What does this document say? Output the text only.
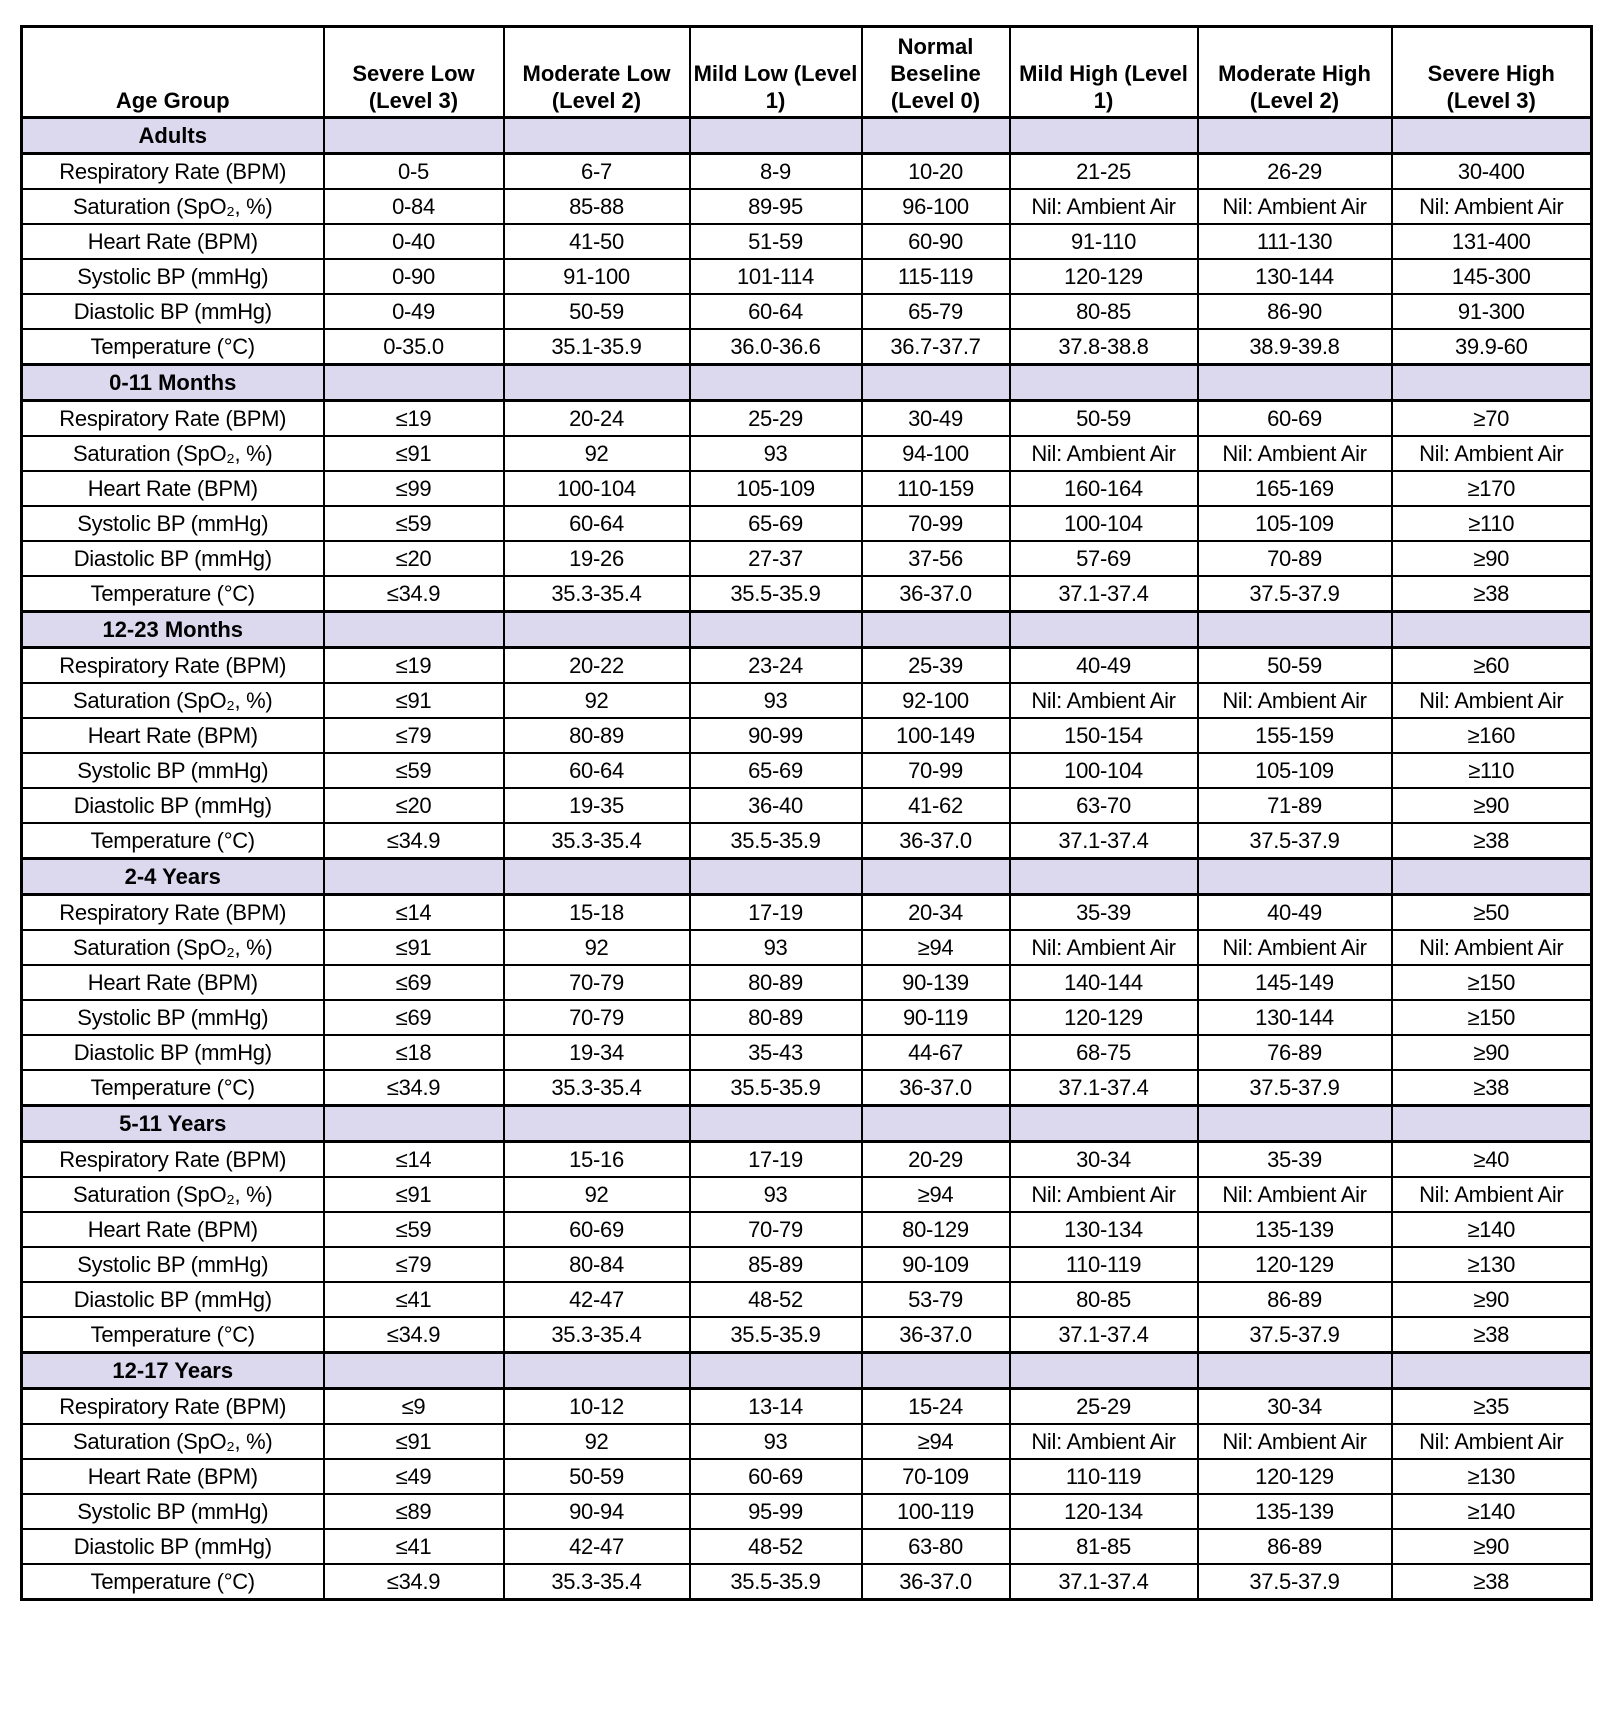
Age Group	Severe Low (Level 3)	Moderate Low (Level 2)	Mild Low (Level 1)	Normal Beseline (Level 0)	Mild High (Level 1)	Moderate High (Level 2)	Severe High (Level 3)
Adults							
Respiratory Rate (BPM)	0-5	6-7	8-9	10-20	21-25	26-29	30-400
Saturation (SpO₂, %)	0-84	85-88	89-95	96-100	Nil: Ambient Air	Nil: Ambient Air	Nil: Ambient Air
Heart Rate (BPM)	0-40	41-50	51-59	60-90	91-110	111-130	131-400
Systolic BP (mmHg)	0-90	91-100	101-114	115-119	120-129	130-144	145-300
Diastolic BP (mmHg)	0-49	50-59	60-64	65-79	80-85	86-90	91-300
Temperature (°C)	0-35.0	35.1-35.9	36.0-36.6	36.7-37.7	37.8-38.8	38.9-39.8	39.9-60
0-11 Months							
Respiratory Rate (BPM)	≤19	20-24	25-29	30-49	50-59	60-69	≥70
Saturation (SpO₂, %)	≤91	92	93	94-100	Nil: Ambient Air	Nil: Ambient Air	Nil: Ambient Air
Heart Rate (BPM)	≤99	100-104	105-109	110-159	160-164	165-169	≥170
Systolic BP (mmHg)	≤59	60-64	65-69	70-99	100-104	105-109	≥110
Diastolic BP (mmHg)	≤20	19-26	27-37	37-56	57-69	70-89	≥90
Temperature (°C)	≤34.9	35.3-35.4	35.5-35.9	36-37.0	37.1-37.4	37.5-37.9	≥38
12-23 Months							
Respiratory Rate (BPM)	≤19	20-22	23-24	25-39	40-49	50-59	≥60
Saturation (SpO₂, %)	≤91	92	93	92-100	Nil: Ambient Air	Nil: Ambient Air	Nil: Ambient Air
Heart Rate (BPM)	≤79	80-89	90-99	100-149	150-154	155-159	≥160
Systolic BP (mmHg)	≤59	60-64	65-69	70-99	100-104	105-109	≥110
Diastolic BP (mmHg)	≤20	19-35	36-40	41-62	63-70	71-89	≥90
Temperature (°C)	≤34.9	35.3-35.4	35.5-35.9	36-37.0	37.1-37.4	37.5-37.9	≥38
2-4 Years							
Respiratory Rate (BPM)	≤14	15-18	17-19	20-34	35-39	40-49	≥50
Saturation (SpO₂, %)	≤91	92	93	≥94	Nil: Ambient Air	Nil: Ambient Air	Nil: Ambient Air
Heart Rate (BPM)	≤69	70-79	80-89	90-139	140-144	145-149	≥150
Systolic BP (mmHg)	≤69	70-79	80-89	90-119	120-129	130-144	≥150
Diastolic BP (mmHg)	≤18	19-34	35-43	44-67	68-75	76-89	≥90
Temperature (°C)	≤34.9	35.3-35.4	35.5-35.9	36-37.0	37.1-37.4	37.5-37.9	≥38
5-11 Years							
Respiratory Rate (BPM)	≤14	15-16	17-19	20-29	30-34	35-39	≥40
Saturation (SpO₂, %)	≤91	92	93	≥94	Nil: Ambient Air	Nil: Ambient Air	Nil: Ambient Air
Heart Rate (BPM)	≤59	60-69	70-79	80-129	130-134	135-139	≥140
Systolic BP (mmHg)	≤79	80-84	85-89	90-109	110-119	120-129	≥130
Diastolic BP (mmHg)	≤41	42-47	48-52	53-79	80-85	86-89	≥90
Temperature (°C)	≤34.9	35.3-35.4	35.5-35.9	36-37.0	37.1-37.4	37.5-37.9	≥38
12-17 Years							
Respiratory Rate (BPM)	≤9	10-12	13-14	15-24	25-29	30-34	≥35
Saturation (SpO₂, %)	≤91	92	93	≥94	Nil: Ambient Air	Nil: Ambient Air	Nil: Ambient Air
Heart Rate (BPM)	≤49	50-59	60-69	70-109	110-119	120-129	≥130
Systolic BP (mmHg)	≤89	90-94	95-99	100-119	120-134	135-139	≥140
Diastolic BP (mmHg)	≤41	42-47	48-52	63-80	81-85	86-89	≥90
Temperature (°C)	≤34.9	35.3-35.4	35.5-35.9	36-37.0	37.1-37.4	37.5-37.9	≥38
